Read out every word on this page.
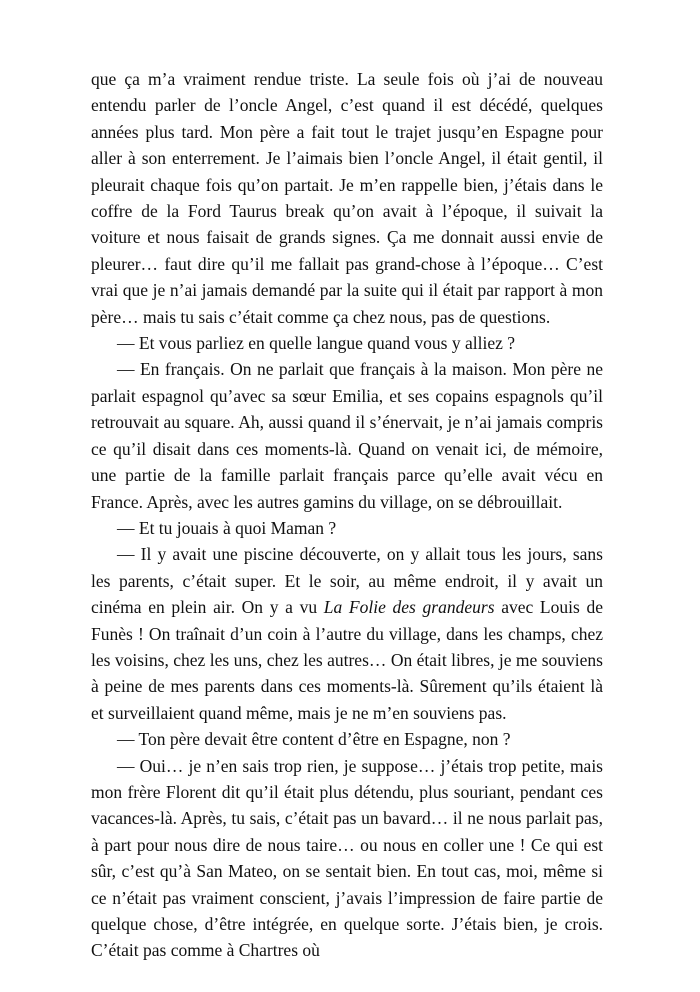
que ça m’a vraiment rendue triste. La seule fois où j’ai de nouveau entendu parler de l’oncle Angel, c’est quand il est décédé, quelques années plus tard. Mon père a fait tout le trajet jusqu’en Espagne pour aller à son enterrement. Je l’aimais bien l’oncle Angel, il était gentil, il pleurait chaque fois qu’on partait. Je m’en rappelle bien, j’étais dans le coffre de la Ford Taurus break qu’on avait à l’époque, il suivait la voiture et nous faisait de grands signes. Ça me donnait aussi envie de pleurer… faut dire qu’il me fallait pas grand-chose à l’époque… C’est vrai que je n’ai jamais demandé par la suite qui il était par rapport à mon père… mais tu sais c’était comme ça chez nous, pas de questions.

— Et vous parliez en quelle langue quand vous y alliez ?

— En français. On ne parlait que français à la maison. Mon père ne parlait espagnol qu’avec sa sœur Emilia, et ses copains espagnols qu’il retrouvait au square. Ah, aussi quand il s’énervait, je n’ai jamais compris ce qu’il disait dans ces moments-là. Quand on venait ici, de mémoire, une partie de la famille parlait français parce qu’elle avait vécu en France. Après, avec les autres gamins du village, on se débrouillait.

— Et tu jouais à quoi Maman ?

— Il y avait une piscine découverte, on y allait tous les jours, sans les parents, c’était super. Et le soir, au même endroit, il y avait un cinéma en plein air. On y a vu La Folie des grandeurs avec Louis de Funès ! On traînait d’un coin à l’autre du village, dans les champs, chez les voisins, chez les uns, chez les autres… On était libres, je me souviens à peine de mes parents dans ces moments-là. Sûrement qu’ils étaient là et surveillaient quand même, mais je ne m’en souviens pas.

— Ton père devait être content d’être en Espagne, non ?

— Oui… je n’en sais trop rien, je suppose… j’étais trop petite, mais mon frère Florent dit qu’il était plus détendu, plus souriant, pendant ces vacances-là. Après, tu sais, c’était pas un bavard… il ne nous parlait pas, à part pour nous dire de nous taire… ou nous en coller une ! Ce qui est sûr, c’est qu’à San Mateo, on se sentait bien. En tout cas, moi, même si ce n’était pas vraiment conscient, j’avais l’impression de faire partie de quelque chose, d’être intégrée, en quelque sorte. J’étais bien, je crois. C’était pas comme à Chartres où
